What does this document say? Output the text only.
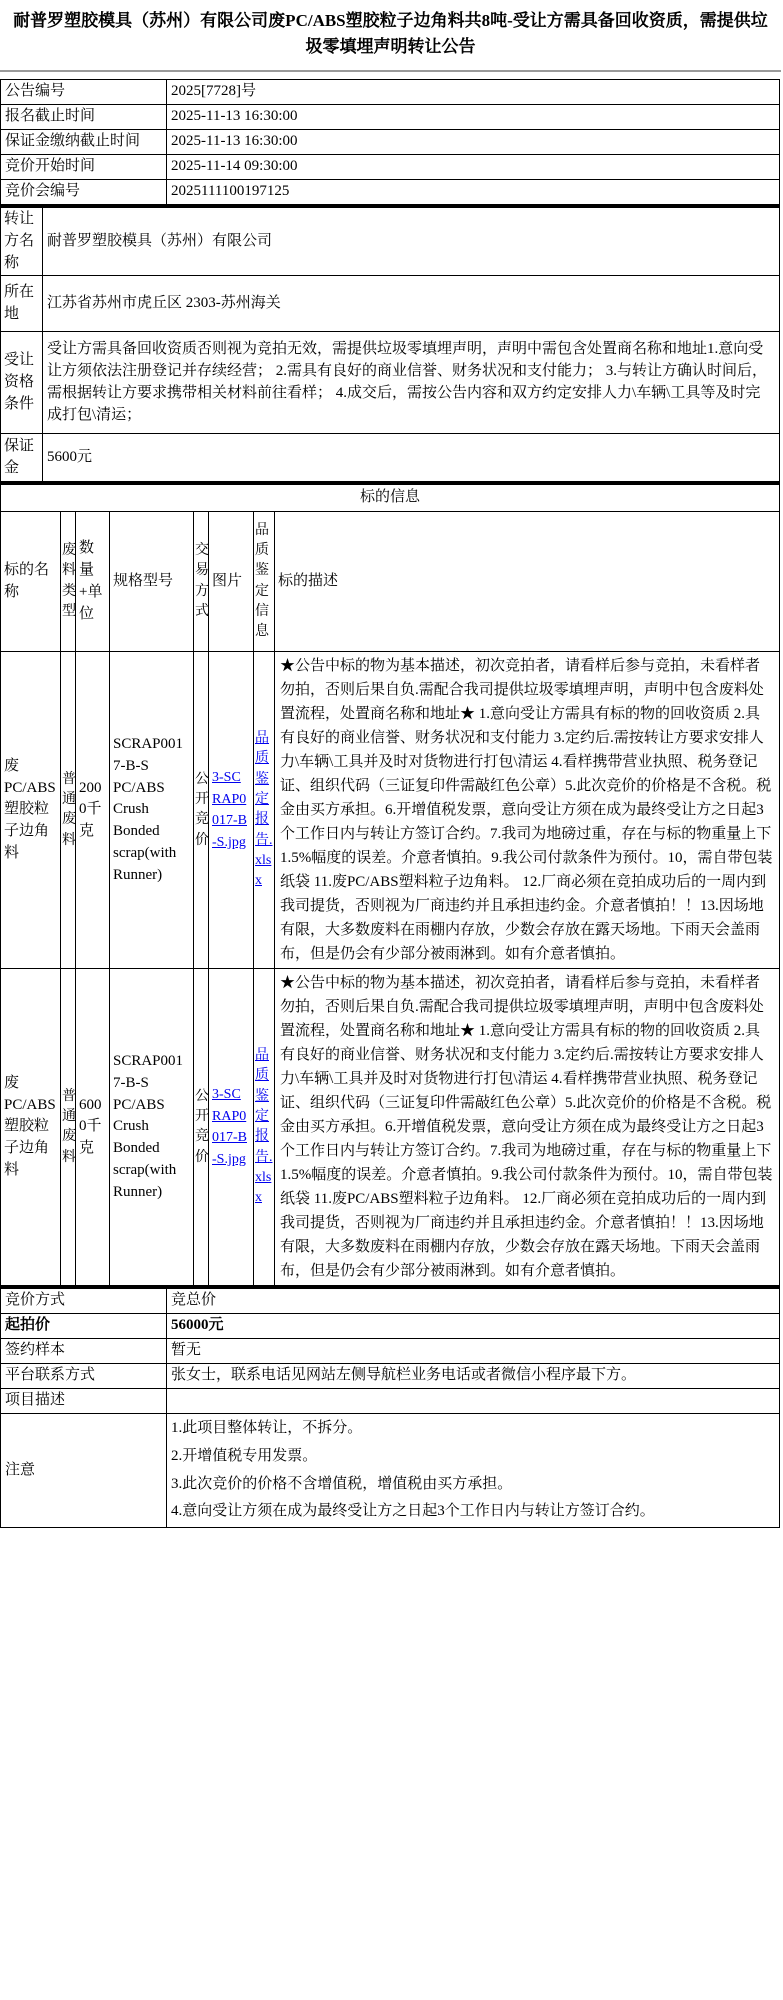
耐普罗塑胶模具（苏州）有限公司废PC/ABS塑胶粒子边角料共8吨-受让方需具备回收资质，需提供垃圾零填埋声明转让公告
公告编号	2025[7728]号
报名截止时间	2025-11-13 16:30:00
保证金缴纳截止时间	2025-11-13 16:30:00
竞价开始时间	2025-11-14 09:30:00
竞价会编号	2025111100197125
转让方名称	耐普罗塑胶模具（苏州）有限公司
所在地	江苏省苏州市虎丘区 2303-苏州海关
受让资格条件	受让方需具备回收资质否则视为竞拍无效，需提供垃圾零填埋声明，声明中需包含处置商名称和地址1.意向受让方须依法注册登记并存续经营； 2.需具有良好的商业信誉、财务状况和支付能力； 3.与转让方确认时间后，需根据转让方要求携带相关材料前往看样； 4.成交后，需按公告内容和双方约定安排人力\车辆\工具等及时完成打包\清运；
保证金	5600元
标的信息							
标的名称	废料类型	数量+单位	规格型号	交易方式	图片	品质鉴定信息	标的描述
废PC/ABS塑胶粒子边角料	普通废料	2000千克	SCRAP0017-B-S PC/ABS Crush Bonded scrap(with Runner)	公开竞价	3-SCRAP0017-B-S.jpg	品质鉴定报告.xlsx	★公告中标的物为基本描述，初次竞拍者，请看样后参与竞拍，未看样者勿拍，否则后果自负.需配合我司提供垃圾零填埋声明，声明中包含废料处置流程，处置商名称和地址★ 1.意向受让方需具有标的物的回收资质 2.具有良好的商业信誉、财务状况和支付能力 3.定约后.需按转让方要求安排人力\车辆\工具并及时对货物进行打包\清运 4.看样携带营业执照、税务登记证、组织代码（三证复印件需敲红色公章）5.此次竞价的价格是不含税。税金由买方承担。6.开增值税发票，意向受让方须在成为最终受让方之日起3个工作日内与转让方签订合约。7.我司为地磅过重，存在与标的物重量上下1.5%幅度的误差。介意者慎拍。9.我公司付款条件为预付。10，需自带包装纸袋 11.废PC/ABS塑料粒子边角料。 12.厂商必须在竞拍成功后的一周内到我司提货，否则视为厂商违约并且承担违约金。介意者慎拍！！13.因场地有限，大多数废料在雨棚内存放，少数会存放在露天场地。下雨天会盖雨布，但是仍会有少部分被雨淋到。如有介意者慎拍。
废PC/ABS塑胶粒子边角料	普通废料	6000千克	SCRAP0017-B-S PC/ABS Crush Bonded scrap(with Runner)	公开竞价	3-SCRAP0017-B-S.jpg	品质鉴定报告.xlsx	★公告中标的物为基本描述，初次竞拍者，请看样后参与竞拍，未看样者勿拍，否则后果自负.需配合我司提供垃圾零填埋声明，声明中包含废料处置流程，处置商名称和地址★ 1.意向受让方需具有标的物的回收资质 2.具有良好的商业信誉、财务状况和支付能力 3.定约后.需按转让方要求安排人力\车辆\工具并及时对货物进行打包\清运 4.看样携带营业执照、税务登记证、组织代码（三证复印件需敲红色公章）5.此次竞价的价格是不含税。税金由买方承担。6.开增值税发票，意向受让方须在成为最终受让方之日起3个工作日内与转让方签订合约。7.我司为地磅过重，存在与标的物重量上下1.5%幅度的误差。介意者慎拍。9.我公司付款条件为预付。10，需自带包装纸袋 11.废PC/ABS塑料粒子边角料。 12.厂商必须在竞拍成功后的一周内到我司提货，否则视为厂商违约并且承担违约金。介意者慎拍！！13.因场地有限，大多数废料在雨棚内存放，少数会存放在露天场地。下雨天会盖雨布，但是仍会有少部分被雨淋到。如有介意者慎拍。
竞价方式	竞总价
起拍价	56000元
签约样本	暂无
平台联系方式	张女士，联系电话见网站左侧导航栏业务电话或者微信小程序最下方。
项目描述	
注意	1.此项目整体转让，不拆分。
2.开增值税专用发票。
3.此次竞价的价格不含增值税，增值税由买方承担。
4.意向受让方须在成为最终受让方之日起3个工作日内与转让方签订合约。
